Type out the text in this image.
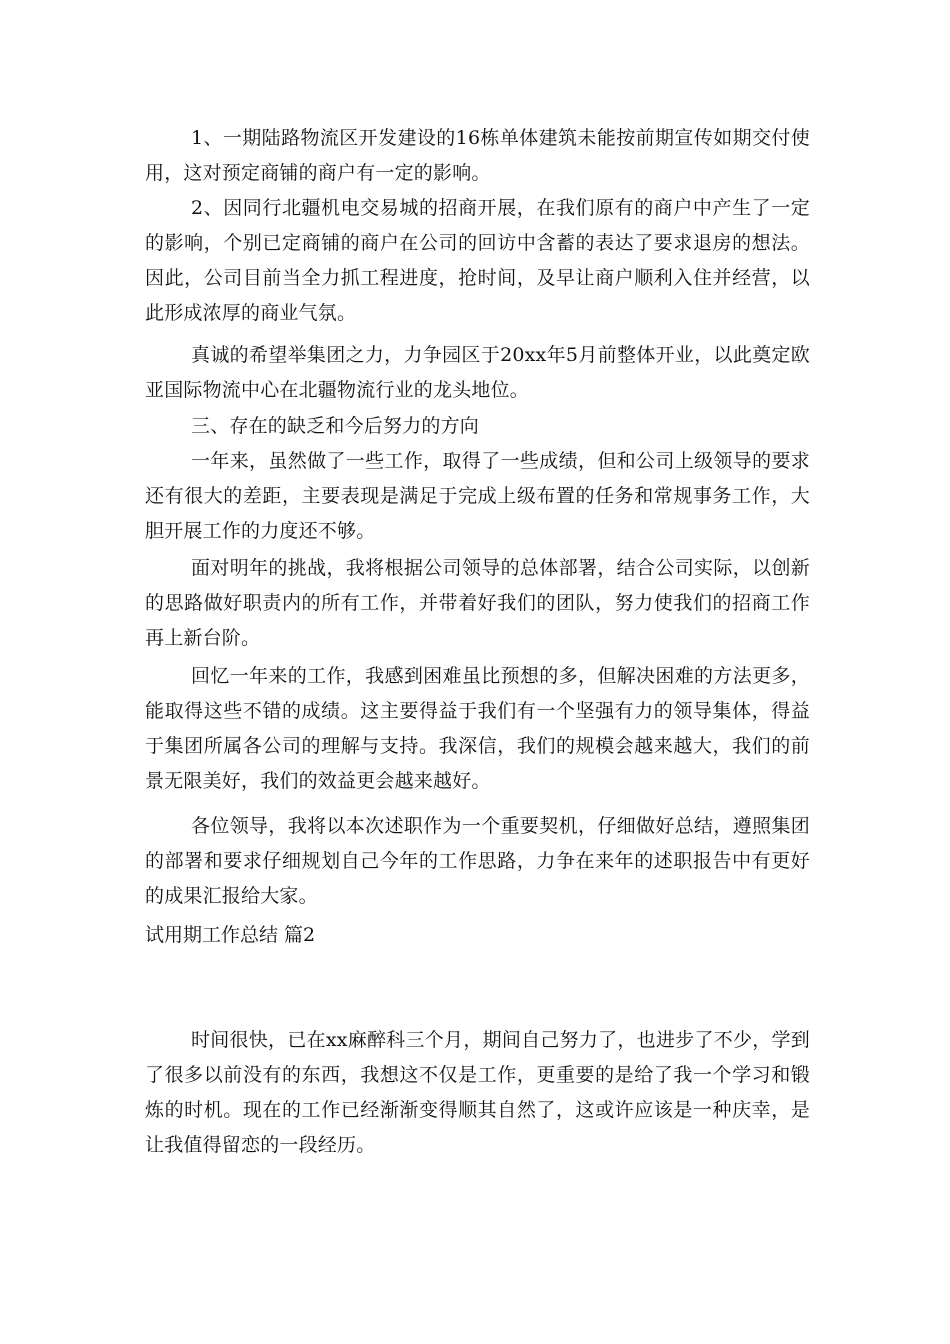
1、一期陆路物流区开发建设的16栋单体建筑未能按前期宣传如期交付使用，这对预定商铺的商户有一定的影响。

2、因同行北疆机电交易城的招商开展，在我们原有的商户中产生了一定的影响，个别已定商铺的商户在公司的回访中含蓄的表达了要求退房的想法。因此，公司目前当全力抓工程进度，抢时间，及早让商户顺利入住并经营，以此形成浓厚的商业气氛。

真诚的希望举集团之力，力争园区于20xx年5月前整体开业，以此奠定欧亚国际物流中心在北疆物流行业的龙头地位。

三、存在的缺乏和今后努力的方向

一年来，虽然做了一些工作，取得了一些成绩，但和公司上级领导的要求还有很大的差距，主要表现是满足于完成上级布置的任务和常规事务工作，大胆开展工作的力度还不够。

面对明年的挑战，我将根据公司领导的总体部署，结合公司实际，以创新的思路做好职责内的所有工作，并带着好我们的团队，努力使我们的招商工作再上新台阶。

回忆一年来的工作，我感到困难虽比预想的多，但解决困难的方法更多，能取得这些不错的成绩。这主要得益于我们有一个坚强有力的领导集体，得益于集团所属各公司的理解与支持。我深信，我们的规模会越来越大，我们的前景无限美好，我们的效益更会越来越好。

各位领导，我将以本次述职作为一个重要契机，仔细做好总结，遵照集团的部署和要求仔细规划自己今年的工作思路，力争在来年的述职报告中有更好的成果汇报给大家。

试用期工作总结 篇2

时间很快，已在xx麻醉科三个月，期间自己努力了，也进步了不少，学到了很多以前没有的东西，我想这不仅是工作，更重要的是给了我一个学习和锻炼的时机。现在的工作已经渐渐变得顺其自然了，这或许应该是一种庆幸，是让我值得留恋的一段经历。
